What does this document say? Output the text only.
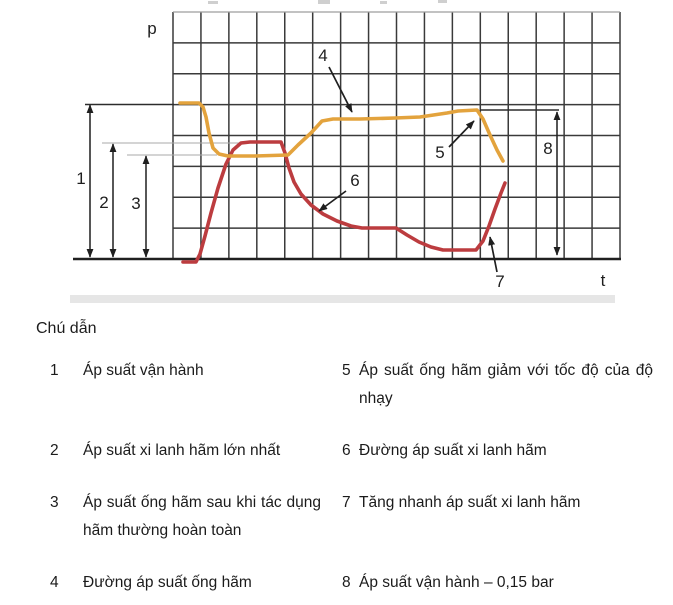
1
2 3
8
4
5
6
7
p
t
Chú dẫn
1	Áp suất vận hành	5 Áp suất ống hãm giảm với tốc độ của độ nhạy
2	Áp suất xi lanh hãm lớn nhất	6 Đường áp suất xi lanh hãm
3	Áp suất ống hãm sau khi tác dụng hãm thường hoàn toàn
7 Tăng nhanh áp suất xi lanh hãm
4	Đường áp suất ống hãm	8 Áp suất vận hành – 0,15 bar
